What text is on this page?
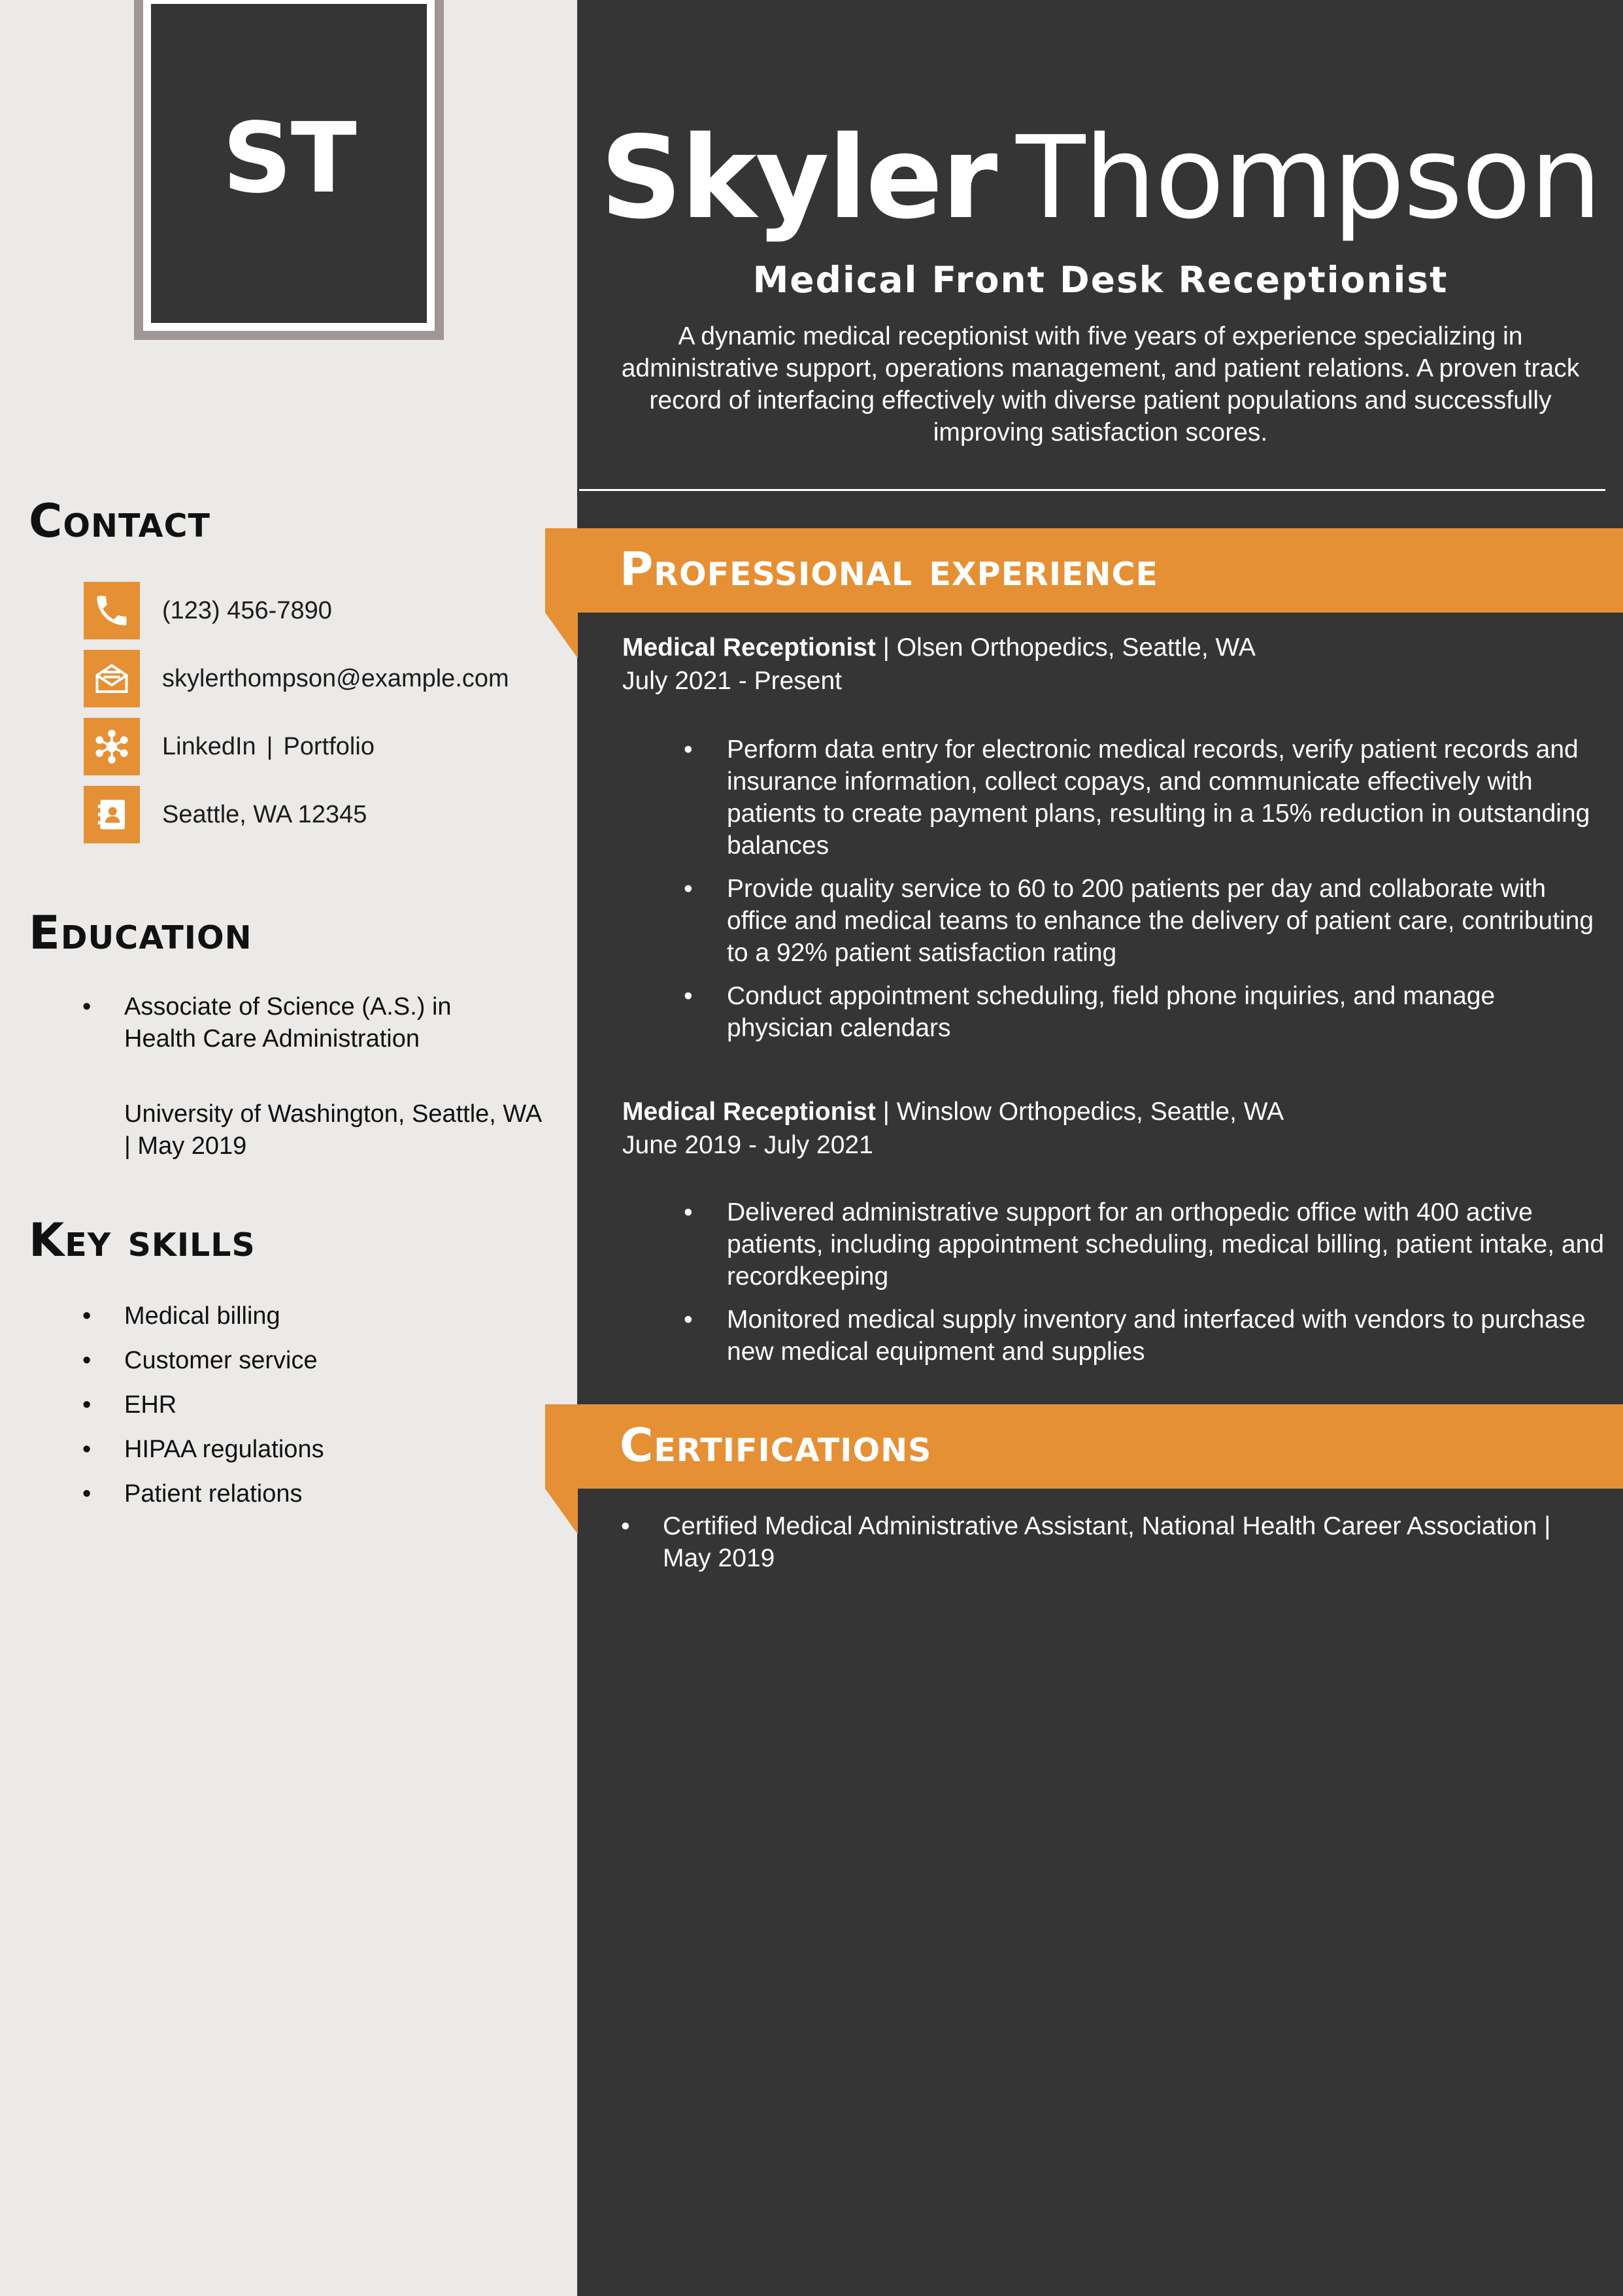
ST
Contact
(123) 456-7890
skylerthompson@example.com
LinkedIn | Portfolio
Seattle, WA 12345
Education
• Associate of Science (A.S.) in Health Care Administration
University of Washington, Seattle, WA | May 2019
Key skills
• Medical billing
• Customer service
• EHR
• HIPAA regulations
• Patient relations
Skyler Thompson
Medical Front Desk Receptionist
A dynamic medical receptionist with five years of experience specializing in administrative support, operations management, and patient relations. A proven track record of interfacing effectively with diverse patient populations and successfully improving satisfaction scores.
Professional experience
Medical Receptionist | Olsen Orthopedics, Seattle, WA
July 2021 - Present
• Perform data entry for electronic medical records, verify patient records and insurance information, collect copays, and communicate effectively with patients to create payment plans, resulting in a 15% reduction in outstanding balances
• Provide quality service to 60 to 200 patients per day and collaborate with office and medical teams to enhance the delivery of patient care, contributing to a 92% patient satisfaction rating
• Conduct appointment scheduling, field phone inquiries, and manage physician calendars
Medical Receptionist | Winslow Orthopedics, Seattle, WA
June 2019 - July 2021
• Delivered administrative support for an orthopedic office with 400 active patients, including appointment scheduling, medical billing, patient intake, and recordkeeping
• Monitored medical supply inventory and interfaced with vendors to purchase new medical equipment and supplies
Certifications
• Certified Medical Administrative Assistant, National Health Career Association | May 2019
